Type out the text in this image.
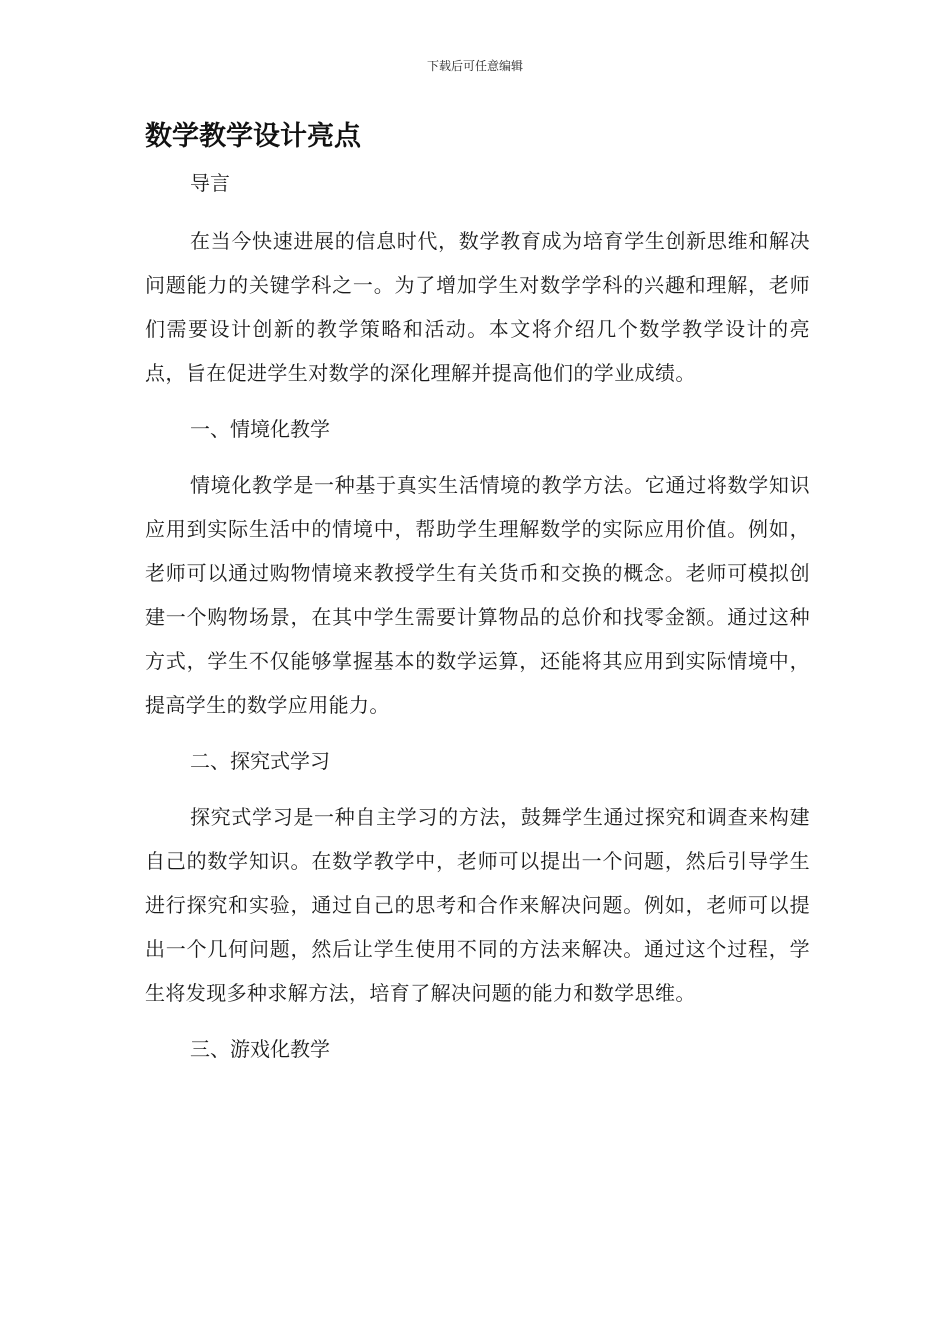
下载后可任意编辑
数学教学设计亮点
导言

在当今快速进展的信息时代，数学教育成为培育学生创新思维和解决问题能力的关键学科之一。为了增加学生对数学学科的兴趣和理解，老师们需要设计创新的教学策略和活动。本文将介绍几个数学教学设计的亮点，旨在促进学生对数学的深化理解并提高他们的学业成绩。

一、情境化教学

情境化教学是一种基于真实生活情境的教学方法。它通过将数学知识应用到实际生活中的情境中，帮助学生理解数学的实际应用价值。例如，老师可以通过购物情境来教授学生有关货币和交换的概念。老师可模拟创建一个购物场景，在其中学生需要计算物品的总价和找零金额。通过这种方式，学生不仅能够掌握基本的数学运算，还能将其应用到实际情境中，提高学生的数学应用能力。

二、探究式学习

探究式学习是一种自主学习的方法，鼓舞学生通过探究和调查来构建自己的数学知识。在数学教学中，老师可以提出一个问题，然后引导学生进行探究和实验，通过自己的思考和合作来解决问题。例如，老师可以提出一个几何问题，然后让学生使用不同的方法来解决。通过这个过程，学生将发现多种求解方法，培育了解决问题的能力和数学思维。

三、游戏化教学
